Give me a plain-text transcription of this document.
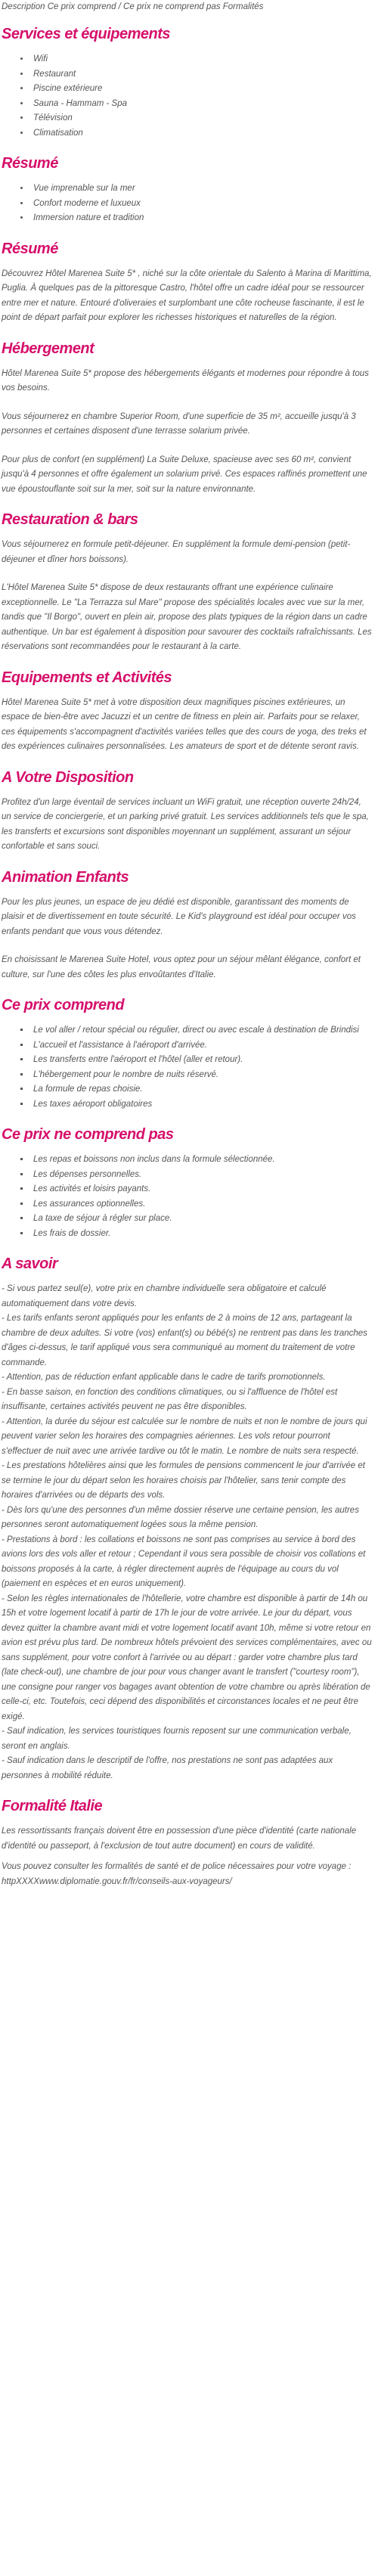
Description Ce prix comprend / Ce prix ne comprend pas Formalités

Services et équipements
• Wifi
• Restaurant
• Piscine extérieure
• Sauna - Hammam - Spa
• Télévision
• Climatisation
Résumé
• Vue imprenable sur la mer
• Confort moderne et luxueux
• Immersion nature et tradition
Résumé

Découvrez Hôtel Marenea Suite 5* , niché sur la côte orientale du Salento à Marina di Marittima, Puglia. À quelques pas de la pittoresque Castro, l'hôtel offre un cadre idéal pour se ressourcer entre mer et nature. Entouré d'oliveraies et surplombant une côte rocheuse fascinante, il est le point de départ parfait pour explorer les richesses historiques et naturelles de la région.

Hébergement

Hôtel Marenea Suite 5* propose des hébergements élégants et modernes pour répondre à tous vos besoins.

Vous séjournerez en chambre Superior Room, d'une superficie de 35 m², accueille jusqu'à 3 personnes et certaines disposent d'une terrasse solarium privée.

Pour plus de confort (en supplément) La Suite Deluxe, spacieuse avec ses 60 m², convient jusqu'à 4 personnes et offre également un solarium privé. Ces espaces raffinés promettent une vue époustouflante soit sur la mer, soit sur la nature environnante.

Restauration & bars

Vous séjournerez en formule petit-déjeuner. En supplément la formule demi-pension (petit-déjeuner et dîner hors boissons).

L'Hôtel Marenea Suite 5* dispose de deux restaurants offrant une expérience culinaire exceptionnelle. Le "La Terrazza sul Mare" propose des spécialités locales avec vue sur la mer, tandis que "Il Borgo", ouvert en plein air, propose des plats typiques de la région dans un cadre authentique. Un bar est également à disposition pour savourer des cocktails rafraîchissants. Les réservations sont recommandées pour le restaurant à la carte.

Equipements et Activités

Hôtel Marenea Suite 5* met à votre disposition deux magnifiques piscines extérieures, un espace de bien-être avec Jacuzzi et un centre de fitness en plein air. Parfaits pour se relaxer, ces équipements s'accompagnent d'activités variées telles que des cours de yoga, des treks et des expériences culinaires personnalisées. Les amateurs de sport et de détente seront ravis.

A Votre Disposition

Profitez d'un large éventail de services incluant un WiFi gratuit, une réception ouverte 24h/24, un service de conciergerie, et un parking privé gratuit. Les services additionnels tels que le spa, les transferts et excursions sont disponibles moyennant un supplément, assurant un séjour confortable et sans souci.

Animation Enfants

Pour les plus jeunes, un espace de jeu dédié est disponible, garantissant des moments de plaisir et de divertissement en toute sécurité. Le Kid's playground est idéal pour occuper vos enfants pendant que vous vous détendez.

En choisissant le Marenea Suite Hotel, vous optez pour un séjour mêlant élégance, confort et culture, sur l'une des côtes les plus envoûtantes d'Italie.

Ce prix comprend
▪ Le vol aller / retour spécial ou régulier, direct ou avec escale à destination de Brindisi
▪ L'accueil et l'assistance à l'aéroport d'arrivée.
▪ Les transferts entre l'aéroport et l'hôtel (aller et retour).
▪ L'hébergement pour le nombre de nuits réservé.
▪ La formule de repas choisie.
▪ Les taxes aéroport obligatoires
Ce prix ne comprend pas
▪ Les repas et boissons non inclus dans la formule sélectionnée.
▪ Les dépenses personnelles.
▪ Les activités et loisirs payants.
▪ Les assurances optionnelles.
▪ La taxe de séjour à régler sur place.
▪ Les frais de dossier.
A savoir

- Si vous partez seul(e), votre prix en chambre individuelle sera obligatoire et calculé automatiquement dans votre devis.

- Les tarifs enfants seront appliqués pour les enfants de 2 à moins de 12 ans, partageant la chambre de deux adultes. Si votre (vos) enfant(s) ou bébé(s) ne rentrent pas dans les tranches d'âges ci-dessus, le tarif appliqué vous sera communiqué au moment du traitement de votre commande.

- Attention, pas de réduction enfant applicable dans le cadre de tarifs promotionnels.

- En basse saison, en fonction des conditions climatiques, ou si l'affluence de l'hôtel est insuffisante, certaines activités peuvent ne pas être disponibles.

- Attention, la durée du séjour est calculée sur le nombre de nuits et non le nombre de jours qui peuvent varier selon les horaires des compagnies aériennes. Les vols retour pourront s'effectuer de nuit avec une arrivée tardive ou tôt le matin. Le nombre de nuits sera respecté.

- Les prestations hôtelières ainsi que les formules de pensions commencent le jour d'arrivée et se termine le jour du départ selon les horaires choisis par l'hôtelier, sans tenir compte des horaires d'arrivées ou de départs des vols.

- Dès lors qu'une des personnes d'un même dossier réserve une certaine pension, les autres personnes seront automatiquement logées sous la même pension.

- Prestations à bord : les collations et boissons ne sont pas comprises au service à bord des avions lors des vols aller et retour ; Cependant il vous sera possible de choisir vos collations et boissons proposés à la carte, à régler directement auprès de l'équipage au cours du vol (paiement en espèces et en euros uniquement).

- Selon les règles internationales de l'hôtellerie, votre chambre est disponible à partir de 14h ou 15h et votre logement locatif à partir de 17h le jour de votre arrivée. Le jour du départ, vous devez quitter la chambre avant midi et votre logement locatif avant 10h, même si votre retour en avion est prévu plus tard. De nombreux hôtels prévoient des services complémentaires, avec ou sans supplément, pour votre confort à l'arrivée ou au départ : garder votre chambre plus tard (late check-out), une chambre de jour pour vous changer avant le transfert ("courtesy room"), une consigne pour ranger vos bagages avant obtention de votre chambre ou après libération de celle-ci, etc. Toutefois, ceci dépend des disponibilités et circonstances locales et ne peut être exigé.

- Sauf indication, les services touristiques fournis reposent sur une communication verbale, seront en anglais.

- Sauf indication dans le descriptif de l'offre, nos prestations ne sont pas adaptées aux personnes à mobilité réduite.

Formalité Italie

Les ressortissants français doivent être en possession d'une pièce d'identité (carte nationale d'identité ou passeport, à l'exclusion de tout autre document) en cours de validité.

Vous pouvez consulter les formalités de santé et de police nécessaires pour votre voyage : httpXXXXwww.diplomatie.gouv.fr/fr/conseils-aux-voyageurs/
